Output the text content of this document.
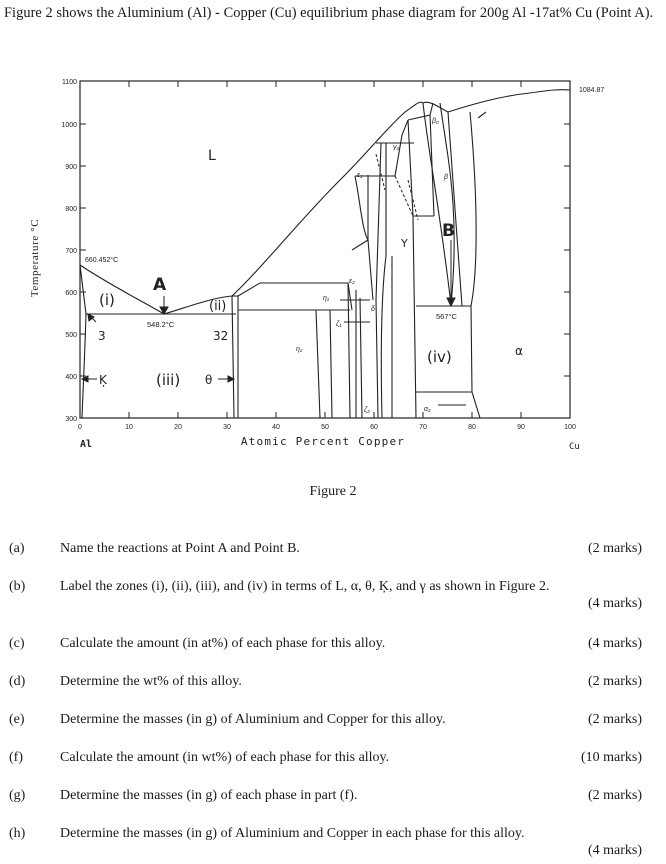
Figure 2 shows the Aluminium (Al) - Copper (Cu) equilibrium phase diagram for 200g Al -17at% Cu (Point A).
1100
1000
900
800
700
600
500
400
300
0	10	20	30	40	50	60	70	80	90	100
Temperature °C
Atomic Percent Copper
Al	Cu
1084.87
L
660.452°C
A
548.2°C
B
567°C
(i)	(ii)
(iii)
(iv)
3	32
Ķ	θ
Y
α
β
β₀
γ₀
ε₁
ε₂
η₁
η₂
ζ₁
ζ₂
δ
α₂
Figure 2
(a)	Name the reactions at Point A and Point B.	(2 marks)
(b) Label the zones (i), (ii), (iii), and (iv) in terms of L, α, θ, Ķ, and γ as shown in Figure 2.
(4 marks)
(c)	Calculate the amount (in at%) of each phase for this alloy.	(4 marks)
(d) Determine the wt% of this alloy.	(2 marks)
(e)	Determine the masses (in g) of Aluminium and Copper for this alloy.	(2 marks)
(f)	Calculate the amount (in wt%) of each phase for this alloy.	(10 marks)
(g) Determine the masses (in g) of each phase in part (f).	(2 marks)
(h) Determine the masses (in g) of Aluminium and Copper in each phase for this alloy.
(4 marks)
